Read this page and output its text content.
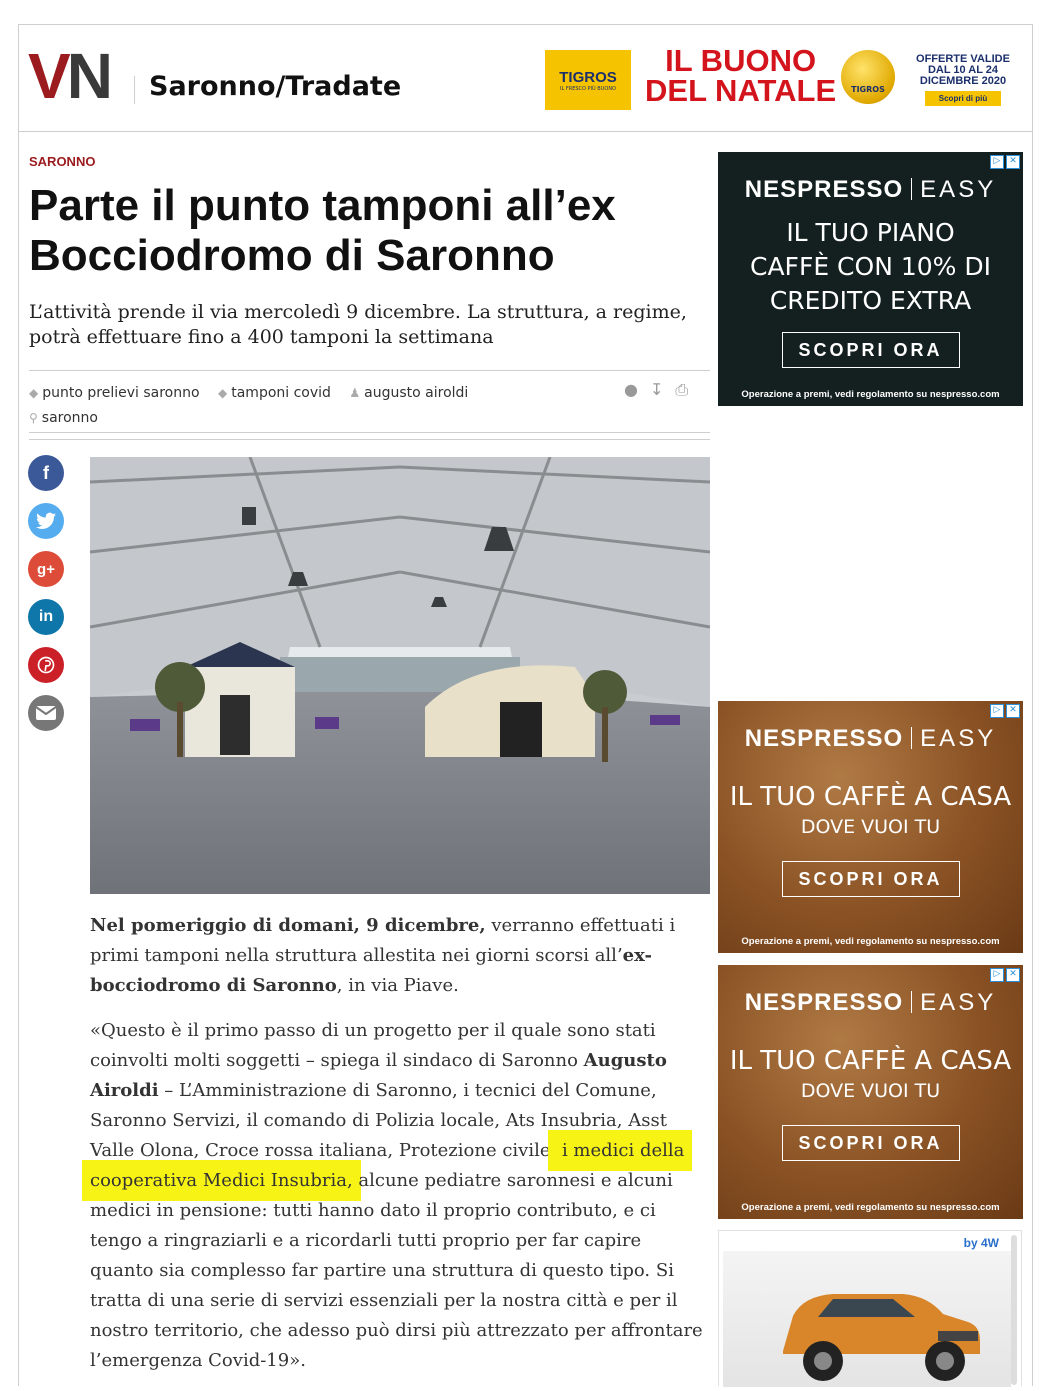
VN Saronno/Tradate	TIGROS
IL FRESCO PIÙ BUONO
IL BUONO
DEL NATALE TIGROS
OFFERTE VALIDE
DAL 10 AL 24
DICEMBRE 2020
Scopri di più
SARONNO
Parte il punto tamponi all’ex Bocciodromo di Saronno

L’attività prende il via mercoledì 9 dicembre. La struttura, a regime, potrà effettuare fino a 400 tamponi la settimana

◆ punto prelievi saronno
◆ tamponi covid
♟ augusto airoldi

⚲ saronno
● ↧ ⎙
f
g+
in

Nel pomeriggio di domani, 9 dicembre, verranno effettuati i primi tamponi nella struttura allestita nei giorni scorsi all’ex-bocciodromo di Saronno, in via Piave.

«Questo è il primo passo di un progetto per il quale sono stati coinvolti molti soggetti – spiega il sindaco di Saronno Augusto Airoldi – L’Amministrazione di Saronno, i tecnici del Comune, Saronno Servizi, il comando di Polizia locale, Ats Insubria, Asst Valle Olona, Croce rossa italiana, Protezione civile, i medici della cooperativa Medici Insubria, alcune pediatre saronnesi e alcuni medici in pensione: tutti hanno dato il proprio contributo, e ci tengo a ringraziarli e a ricordarli tutti proprio per far capire quanto sia complesso far partire una struttura di questo tipo. Si tratta di una serie di servizi essenziali per la nostra città e per il nostro territorio, che adesso può dirsi più attrezzato per affrontare l’emergenza Covid-19».

▷ ✕
NESPRESSO EASY
IL TUO PIANO
CAFFÈ CON 10% DI
CREDITO EXTRA
SCOPRI ORA
Operazione a premi, vedi regolamento su nespresso.com
▷ ✕
NESPRESSO EASY
IL TUO CAFFÈ A CASA
DOVE VUOI TU
SCOPRI ORA
Operazione a premi, vedi regolamento su nespresso.com
▷ ✕
NESPRESSO EASY
IL TUO CAFFÈ A CASA
DOVE VUOI TU
SCOPRI ORA
Operazione a premi, vedi regolamento su nespresso.com
by 4W
